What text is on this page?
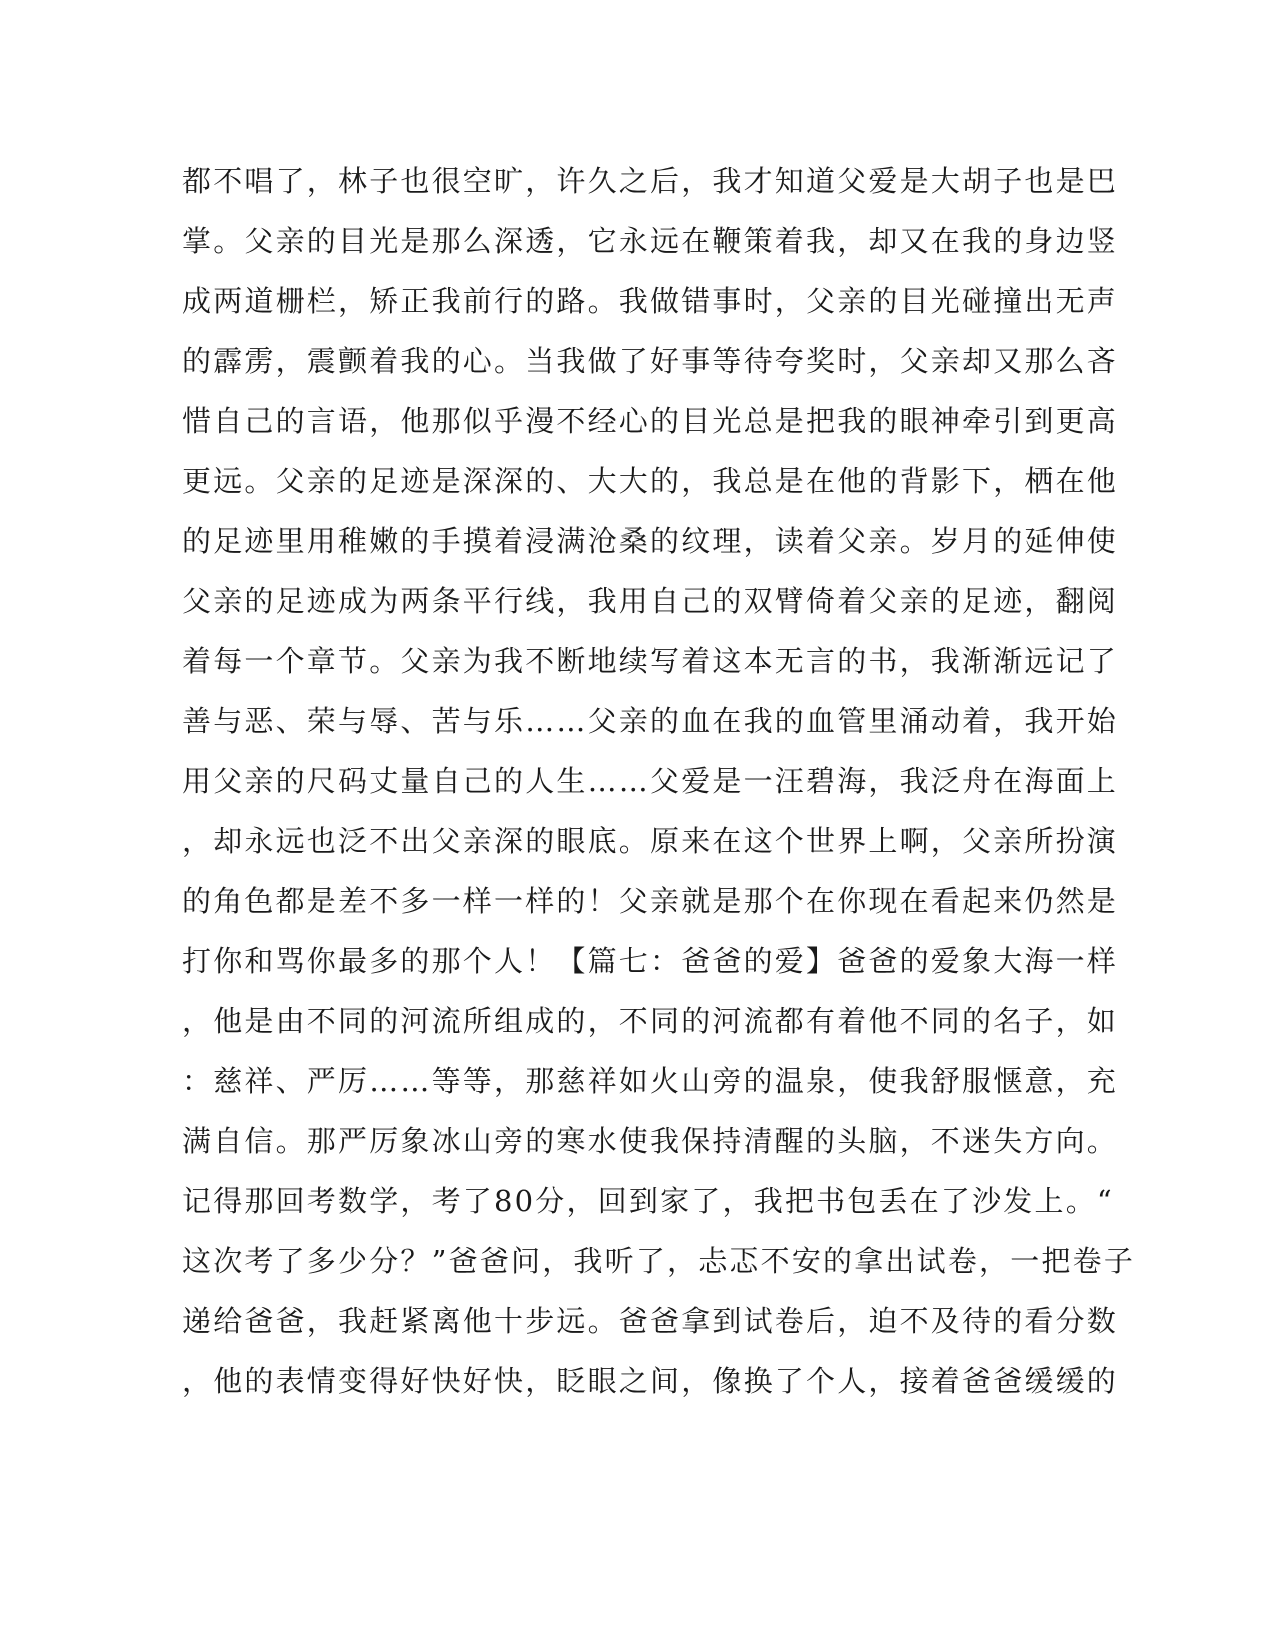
都不唱了，林子也很空旷，许久之后，我才知道父爱是大胡子也是巴
掌。父亲的目光是那么深透，它永远在鞭策着我，却又在我的身边竖
成两道栅栏，矫正我前行的路。我做错事时，父亲的目光碰撞出无声
的霹雳，震颤着我的心。当我做了好事等待夸奖时，父亲却又那么吝
惜自己的言语，他那似乎漫不经心的目光总是把我的眼神牵引到更高
更远。父亲的足迹是深深的、大大的，我总是在他的背影下，栖在他
的足迹里用稚嫩的手摸着浸满沧桑的纹理，读着父亲。岁月的延伸使
父亲的足迹成为两条平行线，我用自己的双臂倚着父亲的足迹，翻阅
着每一个章节。父亲为我不断地续写着这本无言的书，我渐渐远记了
善与恶、荣与辱、苦与乐……父亲的血在我的血管里涌动着，我开始
用父亲的尺码丈量自己的人生……父爱是一汪碧海，我泛舟在海面上
，却永远也泛不出父亲深的眼底。原来在这个世界上啊，父亲所扮演
的角色都是差不多一样一样的！父亲就是那个在你现在看起来仍然是
打你和骂你最多的那个人！【篇七：爸爸的爱】爸爸的爱象大海一样
，他是由不同的河流所组成的，不同的河流都有着他不同的名子，如
：慈祥、严厉……等等，那慈祥如火山旁的温泉，使我舒服惬意，充
满自信。那严厉象冰山旁的寒水使我保持清醒的头脑，不迷失方向。
记得那回考数学，考了80分，回到家了，我把书包丢在了沙发上。“
这次考了多少分？”爸爸问，我听了，忐忑不安的拿出试卷，一把卷子
递给爸爸，我赶紧离他十步远。爸爸拿到试卷后，迫不及待的看分数
，他的表情变得好快好快，眨眼之间，像换了个人，接着爸爸缓缓的
